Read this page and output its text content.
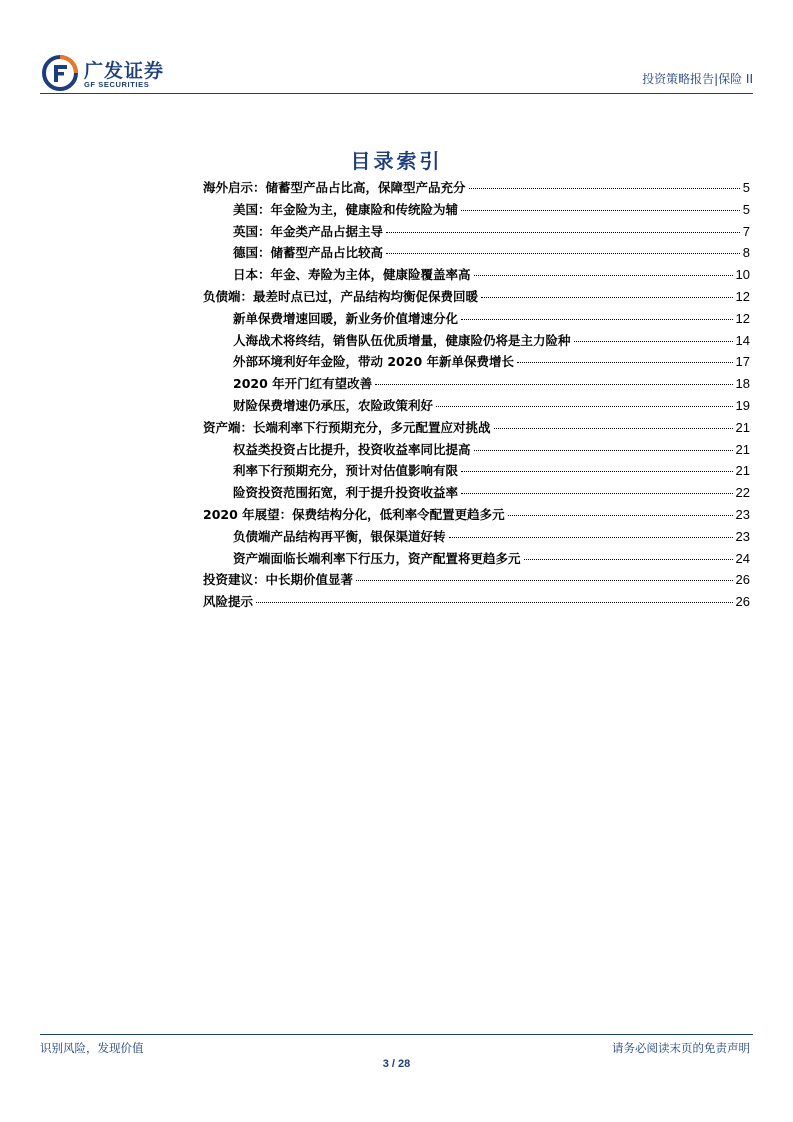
广发证券
GF SECURITIES	投资策略报告|保险 II
目录索引
海外启示：储蓄型产品占比高，保障型产品充分	5
美国：年金险为主，健康险和传统险为辅	5
英国：年金类产品占据主导	7
德国：储蓄型产品占比较高	8
日本：年金、寿险为主体，健康险覆盖率高	10
负债端：最差时点已过，产品结构均衡促保费回暖	12
新单保费增速回暖，新业务价值增速分化	12
人海战术将终结，销售队伍优质增量，健康险仍将是主力险种	14
外部环境利好年金险，带动 2020 年新单保费增长	17
2020 年开门红有望改善	18
财险保费增速仍承压，农险政策利好	19
资产端：长端利率下行预期充分，多元配置应对挑战	21
权益类投资占比提升，投资收益率同比提高	21
利率下行预期充分，预计对估值影响有限	21
险资投资范围拓宽，利于提升投资收益率	22
2020 年展望：保费结构分化，低利率令配置更趋多元	23
负债端产品结构再平衡，银保渠道好转	23
资产端面临长端利率下行压力，资产配置将更趋多元	24
投资建议：中长期价值显著	26
风险提示	26
识别风险，发现价值	请务必阅读末页的免责声明
3 / 28
